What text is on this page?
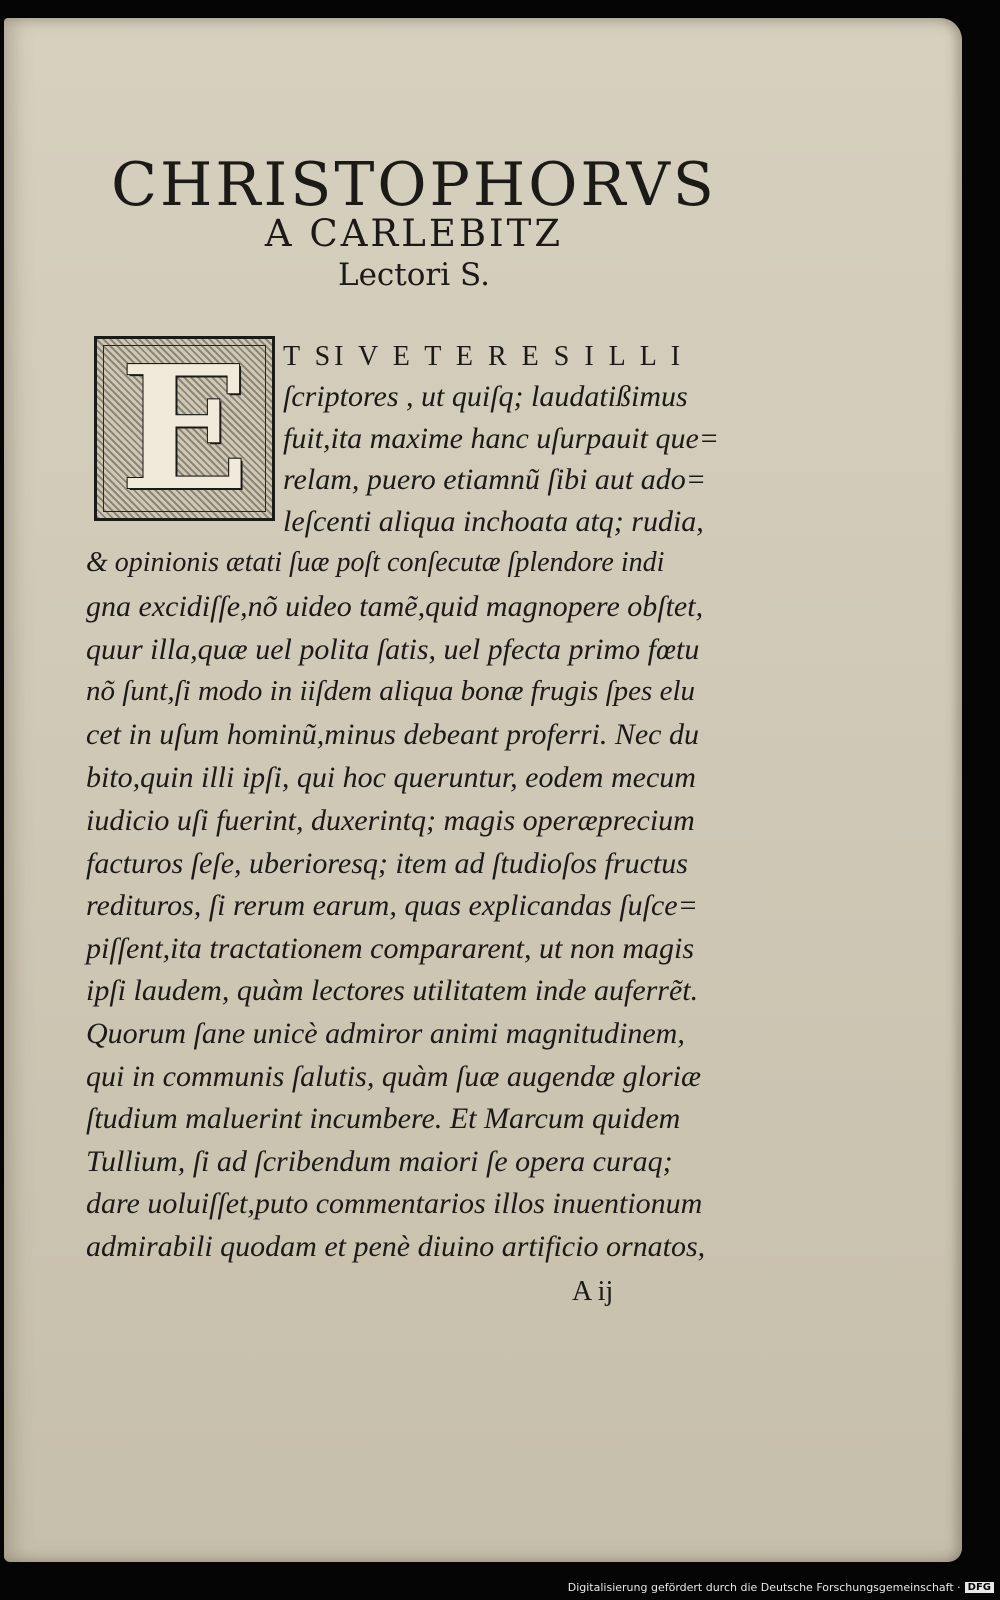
CHRISTOPHORVS
A CARLEBITZ
Lectori S.
E T SI V E T E R E S I L L I
ſcriptores , ut quiſq; laudatißimus
fuit,ita maxime hanc uſurpauit que=
relam, puero etiamnũ ſibi aut ado=
leſcenti aliqua inchoata atq; rudia,
& opinionis ætati ſuæ poſt conſecutæ ſplendore indi
gna excidiſſe,nõ uideo tamẽ,quid magnopere obſtet,
quur illa,quæ uel polita ſatis, uel pfecta primo fœtu
nõ ſunt,ſi modo in iiſdem aliqua bonæ frugis ſpes elu
cet in uſum hominũ,minus debeant proferri. Nec du
bito,quin illi ipſi, qui hoc queruntur, eodem mecum
iudicio uſi fuerint, duxerintq; magis operæprecium
facturos ſeſe, uberioresq; item ad ſtudioſos fructus
redituros, ſi rerum earum, quas explicandas ſuſce=
piſſent,ita tractationem compararent, ut non magis
ipſi laudem, quàm lectores utilitatem inde auferrẽt.
Quorum ſane unicè admiror animi magnitudinem,
qui in communis ſalutis, quàm ſuæ augendæ gloriæ
ſtudium maluerint incumbere. Et Marcum quidem
Tullium, ſi ad ſcribendum maiori ſe opera curaq;
dare uoluiſſet,puto commentarios illos inuentionum
admirabili quodam et penè diuino artificio ornatos,
A ij
Digitalisierung gefördert durch die Deutsche Forschungsgemeinschaft · DFG
